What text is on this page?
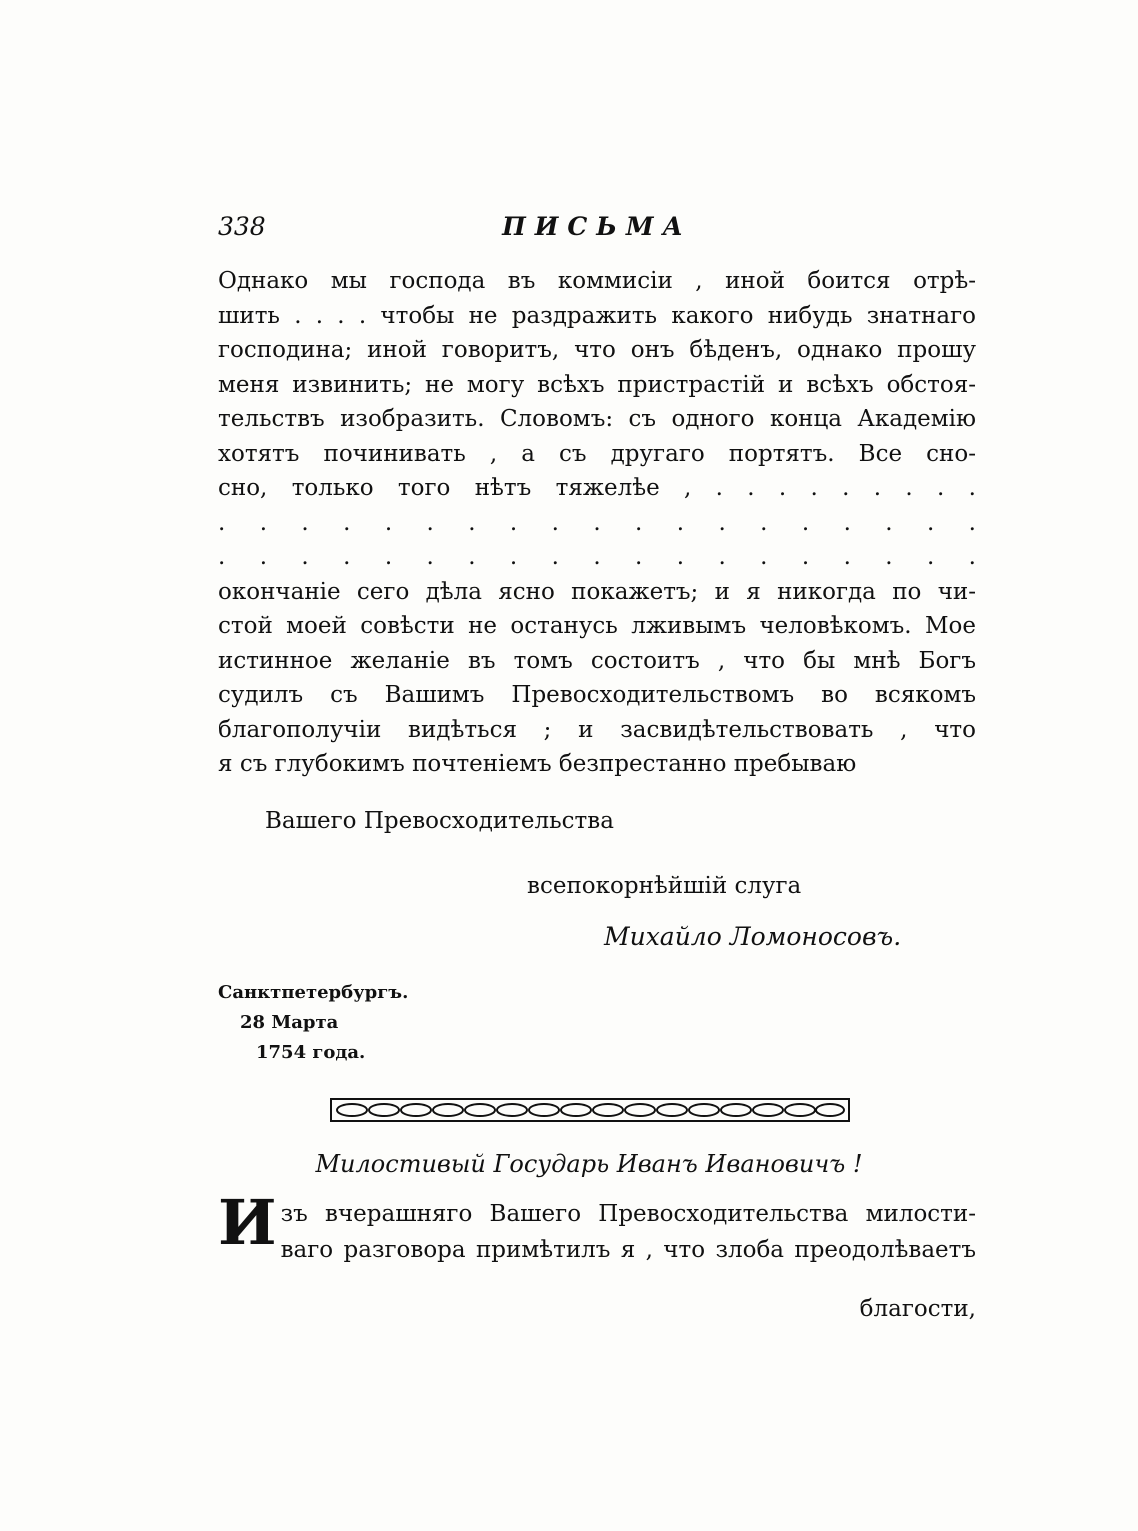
338	ПИСЬМА
Однако мы господа въ коммисiи , иной боится отрѣ-
шить . . . . чтобы не раздражить какого нибудь знатнаго
господина; иной говоритъ, что онъ бѣденъ, однако прошу
меня извинить; не могу всѣхъ пристрастiй и всѣхъ обстоя-
тельствъ изобразить. Словомъ: съ одного конца Академiю
хотятъ починивать , а съ другаго портятъ. Все сно-
сно, только того нѣтъ тяжелѣе , . . . . . . . . .
. . . . . . . . . . . . . . . . . . .
. . . . . . . . . . . . . . . . . . .
окончанiе сего дѣла ясно покажетъ; и я никогда по чи-
стой моей совѣсти не останусь лживымъ человѣкомъ. Мое
истинное желанiе въ томъ состоитъ , что бы мнѣ Богъ
судилъ съ Вашимъ Превосходительствомъ во всякомъ
благополучiи видѣться ; и засвидѣтельствовать , что
я съ глубокимъ почтенiемъ безпрестанно пребываю
Вашего Превосходительства
всепокорнѣйшiй слуга
Михайло Ломоносовъ.
Санктпетербургъ.
28 Марта
1754 года.
Милостивый Государь Иванъ Ивановичъ !
И зъ вчерашняго Вашего Превосходительства милости-
ваго разговора примѣтилъ я , что злоба преодолѣваетъ
благости,
